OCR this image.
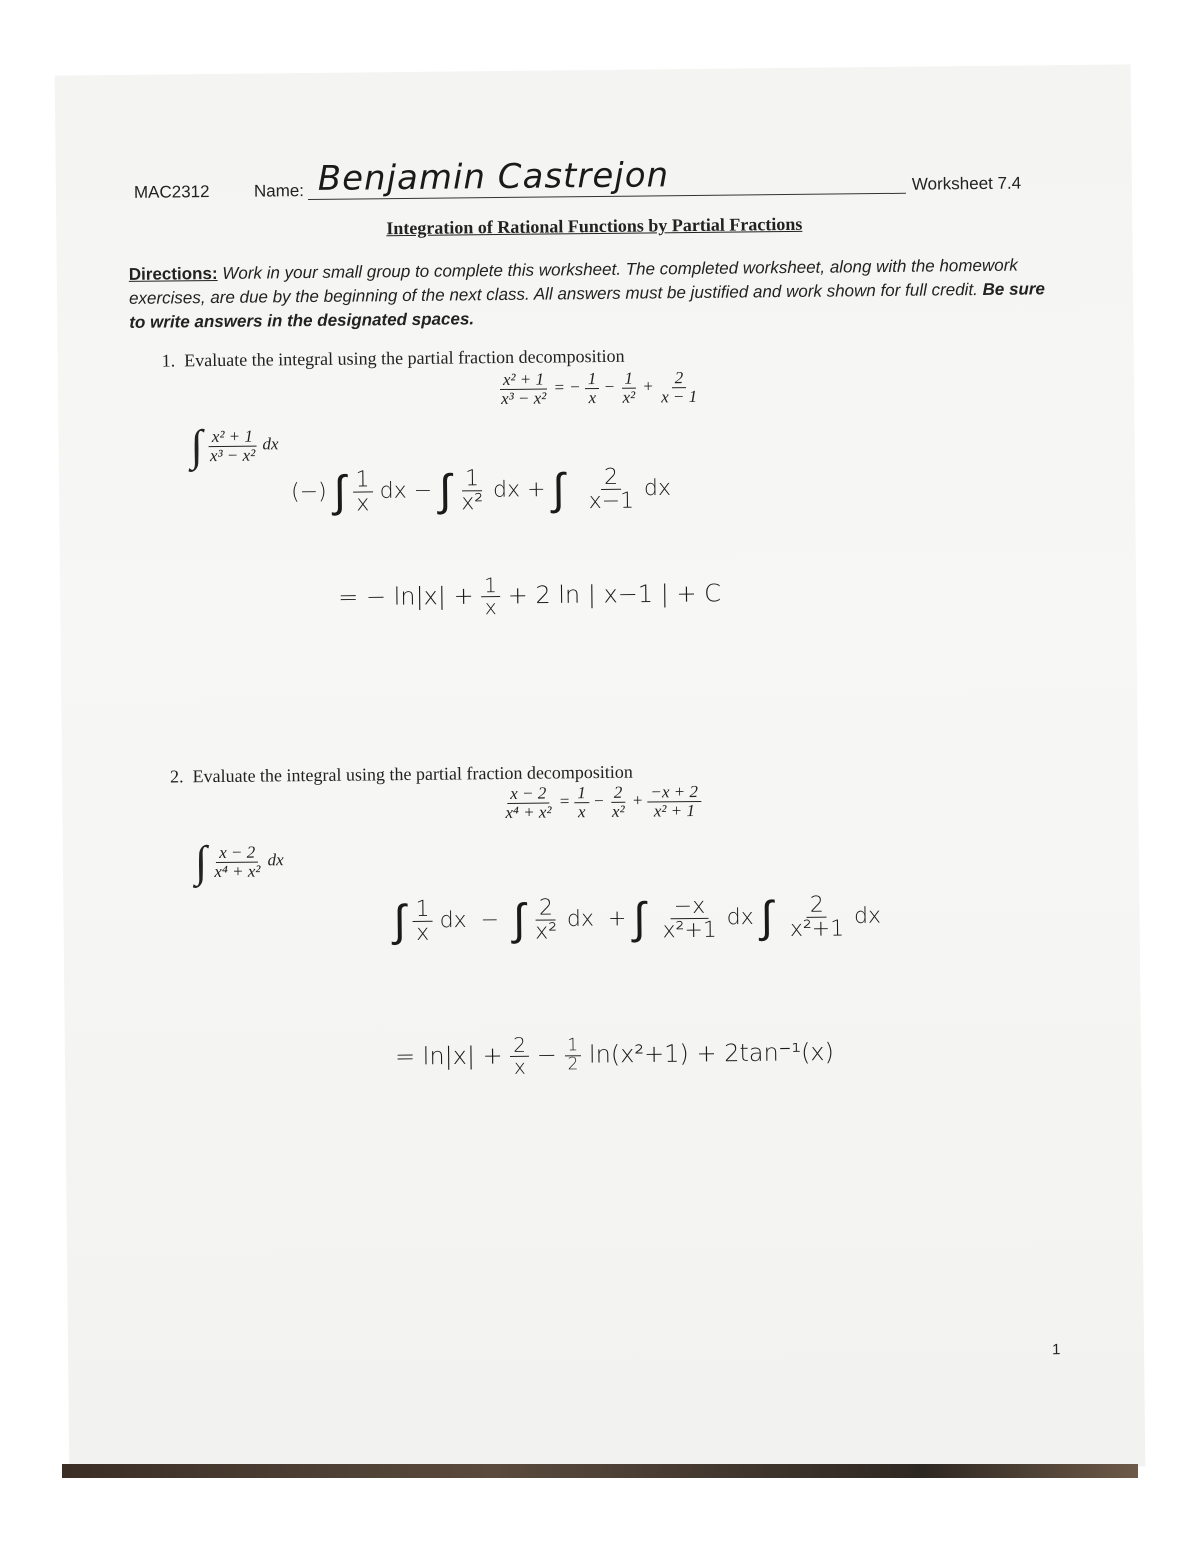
MAC2312	Name: Benjamin Castrejon	Worksheet 7.4
Integration of Rational Functions by Partial Fractions
Directions: Work in your small group to complete this worksheet. The completed worksheet, along with the homework exercises, are due by the beginning of the next class. All answers must be justified and work shown for full credit. Be sure to write answers in the designated spaces.
1. Evaluate the integral using the partial fraction decomposition
$\frac{\text{x² + 1}}{\text{x³ − x²}}$ = − $\frac{1}{x} - \frac{1}{\text{x²}} + \frac{2}{x - 1}$
∫ $\frac{\text{x² + 1}}{\text{x³ − x²}}$ dx
(−) ∫ $\frac{1}{x}$ dx − ∫ $\frac{1}{\text{x²}}$ dx + ∫ $\frac{2}{x-1}$ dx
= − $\ln|x| + \frac{1}{x} + 2$ ln | x−1 | + C
2. Evaluate the integral using the partial fraction decomposition
$\frac{x - 2}{\text{x⁴ + x²}} = \frac{1}{x} - \frac{2}{\text{x²}} + \frac{-x + 2}{\text{x² + 1}}$
∫ $\frac{x - 2}{\text{x⁴ + x²}}$ dx
∫ $\frac{1}{x}$ dx − ∫ $\frac{2}{\text{x²}}$ dx + ∫ $\frac{-x}{\text{x²+1}}$ dx ∫ $\frac{2}{\text{x²+1}}$ dx
= $\ln|x| + \frac{2}{x} - \frac{1}{2} \ln(x^2+1) + 2\tan^{-1}(x)$
1
